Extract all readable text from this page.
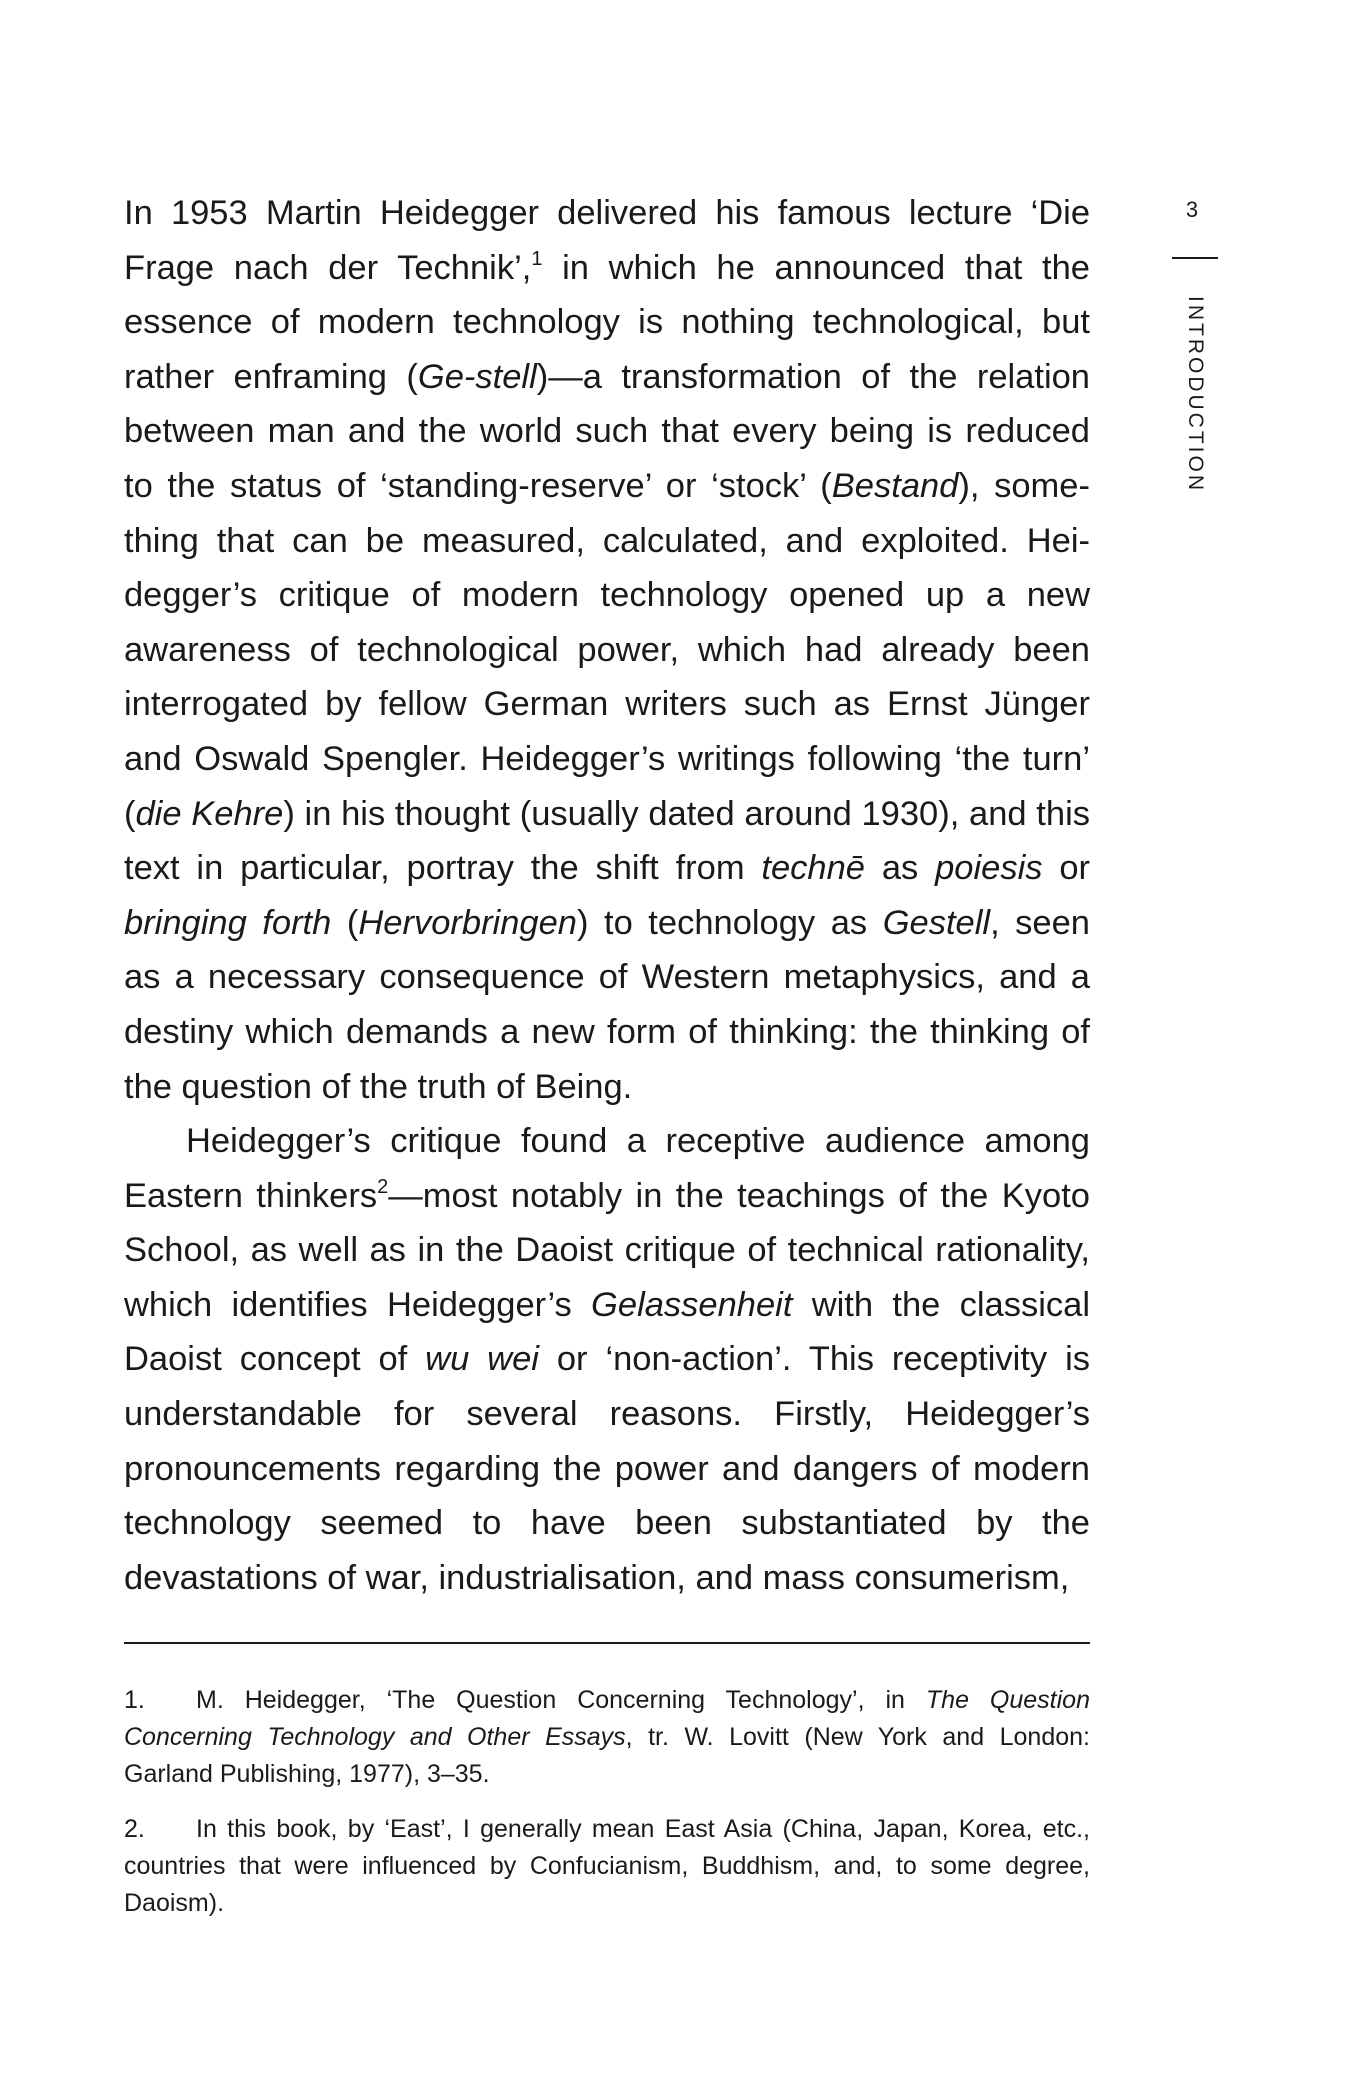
3
INTRODUCTION

In 1953 Martin Heidegger delivered his famous lecture ‘Die Frage nach der Technik’,$^1$ in which he announced that the essence of modern technology is nothing technological, but rather enframing (Ge-stell)—a transformation of the relation between man and the world such that every being is reduced to the status of ‘standing-reserve’ or ‘stock’ (Bestand), something that can be measured, calculated, and exploited. Heidegger’s critique of modern technology opened up a new awareness of technological power, which had already been interrogated by fellow German writers such as Ernst Jünger and Oswald Spengler. Heidegger’s writings following ‘the turn’ (die Kehre) in his thought (usually dated around 1930), and this text in particular, portray the shift from technē as poiesis or bringing forth (Hervorbringen) to technology as Gestell, seen as a necessary consequence of Western metaphysics, and a destiny which demands a new form of thinking: the thinking of the question of the truth of Being.

Heidegger’s critique found a receptive audience among Eastern thinkers$^2$—most notably in the teachings of the Kyoto School, as well as in the Daoist critique of technical rationality, which identifies Heidegger’s Gelassenheit with the classical Daoist concept of wu wei or ‘non-action’. This receptivity is understandable for several reasons. Firstly, Heidegger’s pronouncements regarding the power and dangers of modern technology seemed to have been substantiated by the devastations of war, industrialisation, and mass consumerism,

1. M. Heidegger, ‘The Question Concerning Technology’, in The Question Concerning Technology and Other Essays, tr. W. Lovitt (New York and London: Garland Publishing, 1977), 3–35.

2. In this book, by ‘East’, I generally mean East Asia (China, Japan, Korea, etc., countries that were influenced by Confucianism, Buddhism, and, to some degree, Daoism).
